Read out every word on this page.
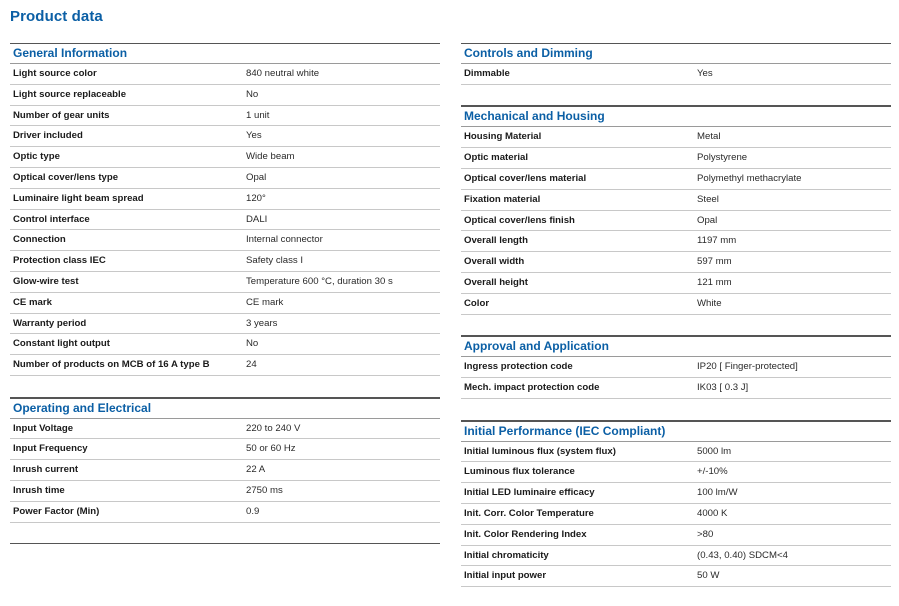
Product data
General Information
Light source color	840 neutral white
Light source replaceable	No
Number of gear units	1 unit
Driver included	Yes
Optic type	Wide beam
Optical cover/lens type	Opal
Luminaire light beam spread	120°
Control interface	DALI
Connection	Internal connector
Protection class IEC	Safety class I
Glow-wire test	Temperature 600 °C, duration 30 s
CE mark	CE mark
Warranty period	3 years
Constant light output	No
Number of products on MCB of 16 A type B	24
Operating and Electrical
Input Voltage	220 to 240 V
Input Frequency	50 or 60 Hz
Inrush current	22 A
Inrush time	2750 ms
Power Factor (Min)	0.9
Controls and Dimming
Dimmable	Yes
Mechanical and Housing
Housing Material	Metal
Optic material	Polystyrene
Optical cover/lens material	Polymethyl methacrylate
Fixation material	Steel
Optical cover/lens finish	Opal
Overall length	1197 mm
Overall width	597 mm
Overall height	121 mm
Color	White
Approval and Application
Ingress protection code	IP20 [ Finger-protected]
Mech. impact protection code	IK03 [ 0.3 J]
Initial Performance (IEC Compliant)
Initial luminous flux (system flux)	5000 lm
Luminous flux tolerance	+/-10%
Initial LED luminaire efficacy	100 lm/W
Init. Corr. Color Temperature	4000 K
Init. Color Rendering Index	>80
Initial chromaticity	(0.43, 0.40) SDCM<4
Initial input power	50 W
